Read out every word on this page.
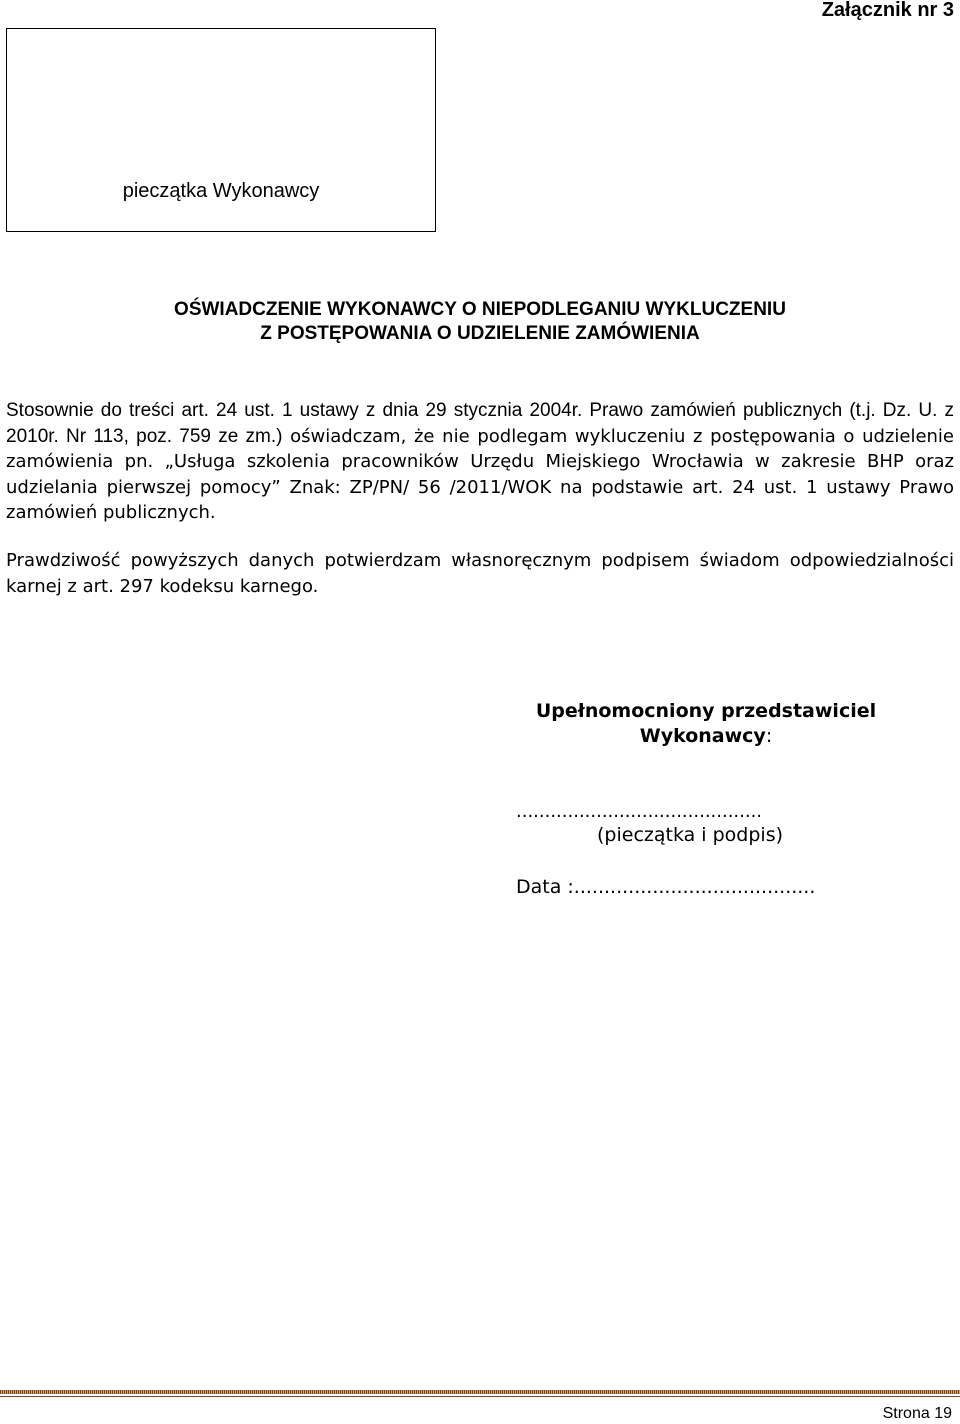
Załącznik nr 3
pieczątka Wykonawcy
OŚWIADCZENIE WYKONAWCY O NIEPODLEGANIU WYKLUCZENIU
Z POSTĘPOWANIA O UDZIELENIE ZAMÓWIENIA

Stosownie do treści art. 24 ust. 1 ustawy z dnia 29 stycznia 2004r. Prawo zamówień publicznych (t.j. Dz. U. z 2010r. Nr 113, poz. 759 ze zm.) oświadczam, że nie podlegam wykluczeniu z postępowania o udzielenie zamówienia pn. „Usługa szkolenia pracowników Urzędu Miejskiego Wrocławia w zakresie BHP oraz udzielania pierwszej pomocy” Znak: ZP/PN/ 56 /2011/WOK na podstawie art. 24 ust. 1 ustawy Prawo zamówień publicznych.

Prawdziwość powyższych danych potwierdzam własnoręcznym podpisem świadom odpowiedzialności karnej z art. 297 kodeksu karnego.

Upełnomocniony przedstawiciel Wykonawcy:

...........................................
(pieczątka i podpis)
Data :........................................
Strona 19
